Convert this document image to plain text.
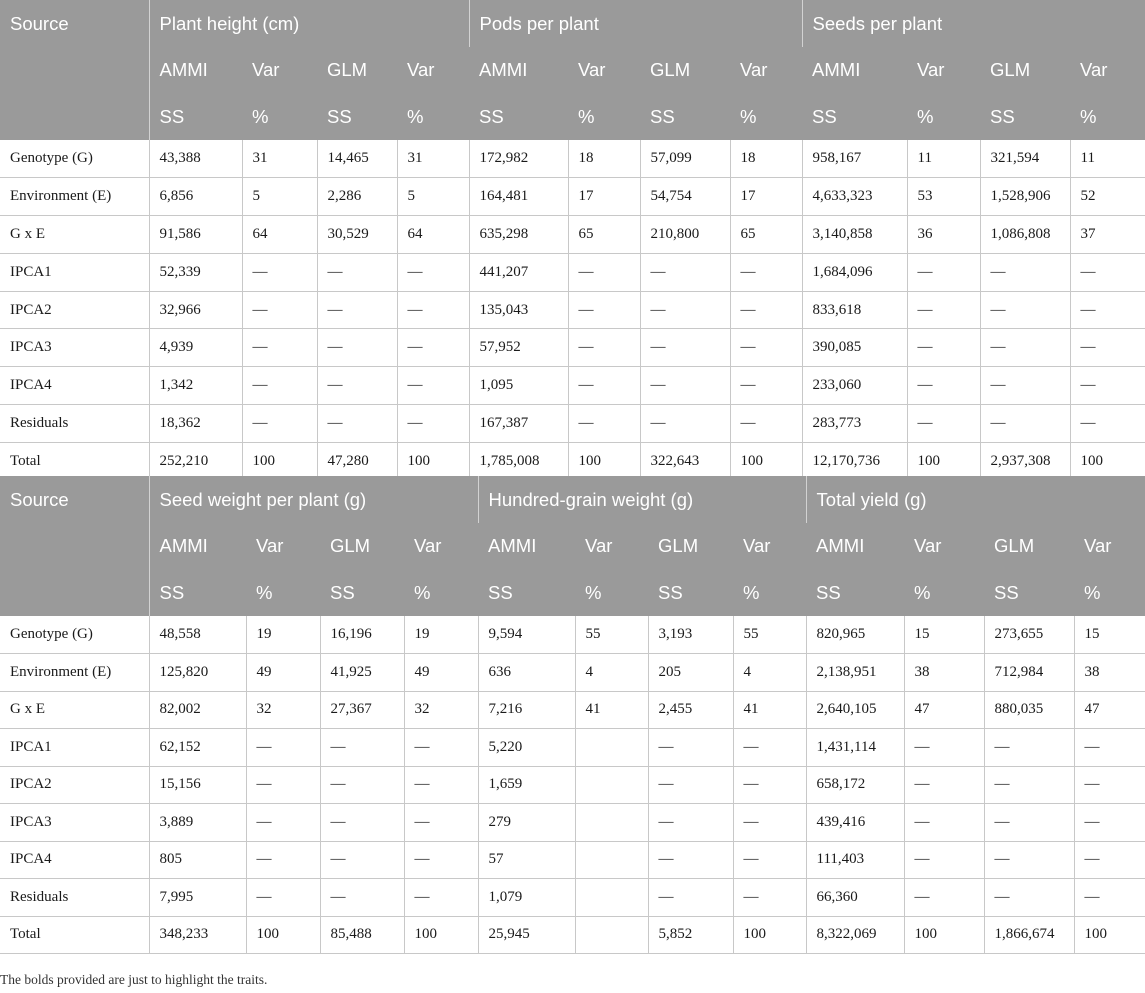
Source	Plant height (cm)				Pods per plant				Seeds per plant			
	AMMI	Var	GLM	Var	AMMI	Var	GLM	Var	AMMI	Var	GLM	Var
	SS	%	SS	%	SS	%	SS	%	SS	%	SS	%
Genotype (G)	43,388	31	14,465	31	172,982	18	57,099	18	958,167	11	321,594	11
Environment (E)	6,856	5	2,286	5	164,481	17	54,754	17	4,633,323	53	1,528,906	52
G x E	91,586	64	30,529	64	635,298	65	210,800	65	3,140,858	36	1,086,808	37
IPCA1	52,339	—	—	—	441,207	—	—	—	1,684,096	—	—	—
IPCA2	32,966	—	—	—	135,043	—	—	—	833,618	—	—	—
IPCA3	4,939	—	—	—	57,952	—	—	—	390,085	—	—	—
IPCA4	1,342	—	—	—	1,095	—	—	—	233,060	—	—	—
Residuals	18,362	—	—	—	167,387	—	—	—	283,773	—	—	—
Total	252,210	100	47,280	100	1,785,008	100	322,643	100	12,170,736	100	2,937,308	100
Source	Seed weight per plant (g)				Hundred-grain weight (g)				Total yield (g)			
	AMMI	Var	GLM	Var	AMMI	Var	GLM	Var	AMMI	Var	GLM	Var
	SS	%	SS	%	SS	%	SS	%	SS	%	SS	%
Genotype (G)	48,558	19	16,196	19	9,594	55	3,193	55	820,965	15	273,655	15
Environment (E)	125,820	49	41,925	49	636	4	205	4	2,138,951	38	712,984	38
G x E	82,002	32	27,367	32	7,216	41	2,455	41	2,640,105	47	880,035	47
IPCA1	62,152	—	—	—	5,220		—	—	1,431,114	—	—	—
IPCA2	15,156	—	—	—	1,659		—	—	658,172	—	—	—
IPCA3	3,889	—	—	—	279		—	—	439,416	—	—	—
IPCA4	805	—	—	—	57		—	—	111,403	—	—	—
Residuals	7,995	—	—	—	1,079		—	—	66,360	—	—	—
Total	348,233	100	85,488	100	25,945		5,852	100	8,322,069	100	1,866,674	100
The bolds provided are just to highlight the traits.
